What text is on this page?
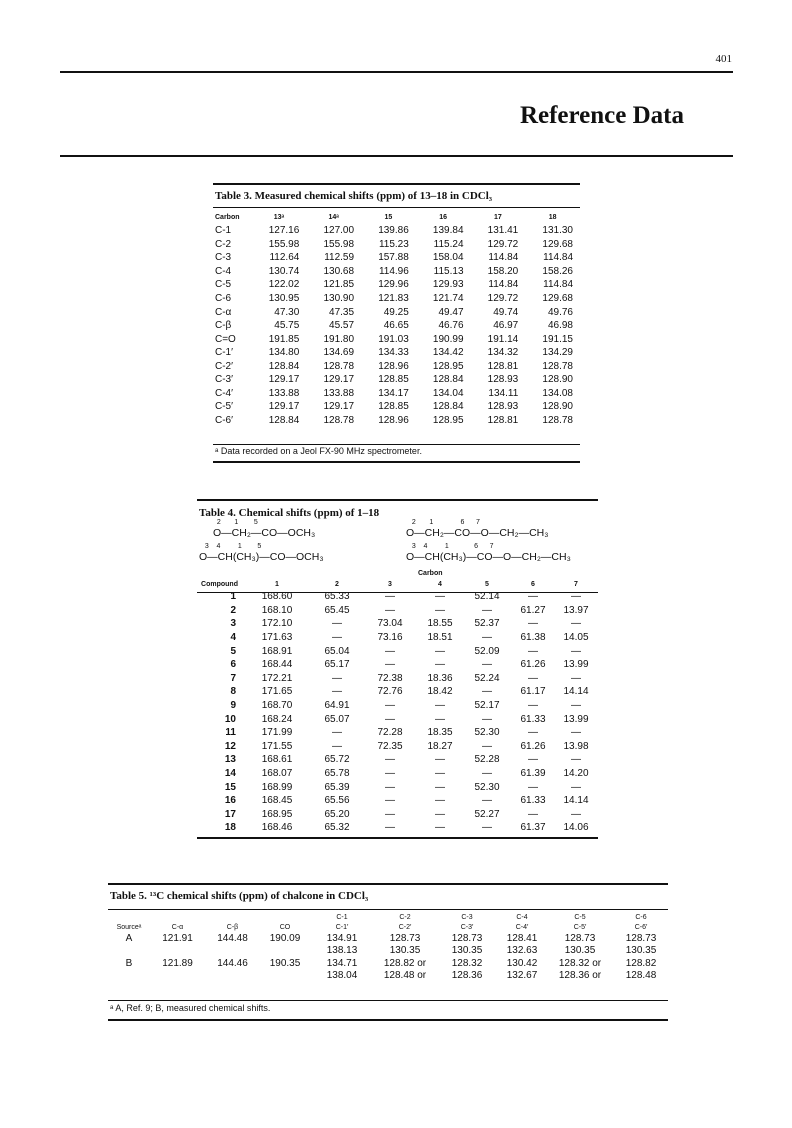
401
Reference Data
Table 3. Measured chemical shifts (ppm) of 13–18 in CDCl₃
Carbon	13ᵃ	14ᵃ	15	16	17	18
C-1	127.16	127.00	139.86	139.84	131.41	131.30
C-2	155.98	155.98	115.23	115.24	129.72	129.68
C-3	112.64	112.59	157.88	158.04	114.84	114.84
C-4	130.74	130.68	114.96	115.13	158.20	158.26
C-5	122.02	121.85	129.96	129.93	114.84	114.84
C-6	130.95	130.90	121.83	121.74	129.72	129.68
C-α	47.30	47.35	49.25	49.47	49.74	49.76
C-β	45.75	45.57	46.65	46.76	46.97	46.98
C=O	191.85	191.80	191.03	190.99	191.14	191.15
C-1′	134.80	134.69	134.33	134.42	134.32	134.29
C-2′	128.84	128.78	128.96	128.95	128.81	128.78
C-3′	129.17	129.17	128.85	128.84	128.93	128.90
C-4′	133.88	133.88	134.17	134.04	134.11	134.08
C-5′	129.17	129.17	128.85	128.84	128.93	128.90
C-6′	128.84	128.78	128.96	128.95	128.81	128.78
ᵃ Data recorded on a Jeol FX-90 MHz spectrometer.
Table 4. Chemical shifts (ppm) of 1–18
2       1        5
O—CH₂—CO—OCH₃
3    4         1        5
O—CH(CH₃)—CO—OCH₃
2       1              6      7
O—CH₂—CO—O—CH₂—CH₃
3    4         1             6      7
O—CH(CH₃)—CO—O—CH₂—CH₃
Carbon
Compound	1	2	3	4	5	6	7
1	168.60	65.33	—	—	52.14	—	—
2	168.10	65.45	—	—	—	61.27	13.97
3	172.10	—	73.04	18.55	52.37	—	—
4	171.63	—	73.16	18.51	—	61.38	14.05
5	168.91	65.04	—	—	52.09	—	—
6	168.44	65.17	—	—	—	61.26	13.99
7	172.21	—	72.38	18.36	52.24	—	—
8	171.65	—	72.76	18.42	—	61.17	14.14
9	168.70	64.91	—	—	52.17	—	—
10	168.24	65.07	—	—	—	61.33	13.99
11	171.99	—	72.28	18.35	52.30	—	—
12	171.55	—	72.35	18.27	—	61.26	13.98
13	168.61	65.72	—	—	52.28	—	—
14	168.07	65.78	—	—	—	61.39	14.20
15	168.99	65.39	—	—	52.30	—	—
16	168.45	65.56	—	—	—	61.33	14.14
17	168.95	65.20	—	—	52.27	—	—
18	168.46	65.32	—	—	—	61.37	14.06
Table 5. ¹³C chemical shifts (ppm) of chalcone in CDCl₃
				C-1	C-2	C-3	C-4	C-5	C-6
Sourceᵃ	C-α	C-β	CO	C-1′	C-2′	C-3′	C-4′	C-5′	C-6′
A	121.91	144.48	190.09	134.91	128.73	128.73	128.41	128.73	128.73
				138.13	130.35	130.35	132.63	130.35	130.35
B	121.89	144.46	190.35	134.71	128.82 or	128.32	130.42	128.32 or	128.82
				138.04	128.48 or	128.36	132.67	128.36 or	128.48
ᵃ A, Ref. 9; B, measured chemical shifts.
